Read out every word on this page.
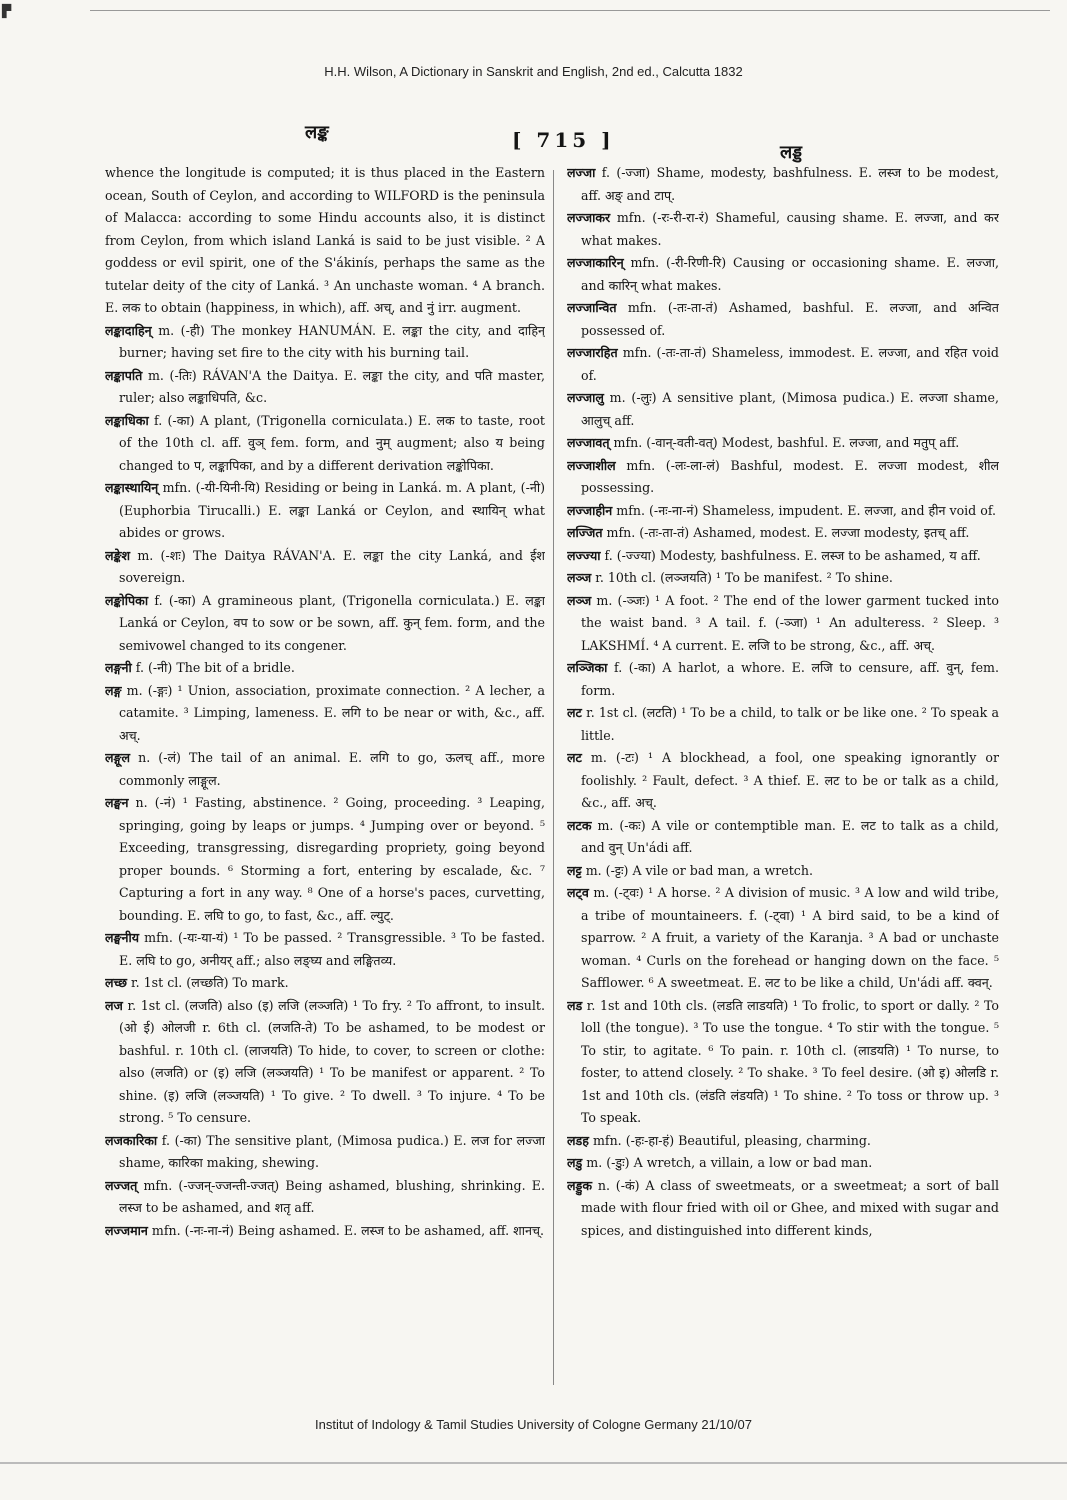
▛
H.H. Wilson, A Dictionary in Sanskrit and English, 2nd ed., Calcutta 1832
लङ्क	[ 715 ]
लड्ड

whence the longitude is computed; it is thus placed in the Eastern ocean, South of Ceylon, and according to WILFORD is the peninsula of Malacca: according to some Hindu accounts also, it is distinct from Ceylon, from which island Lanká is said to be just visible. ² A goddess or evil spirit, one of the S'ákinís, perhaps the same as the tutelar deity of the city of Lanká. ³ An unchaste woman. ⁴ A branch. E. लक to obtain (happiness, in which), aff. अच्, and नुं irr. augment.

लङ्कादाहिन् m. (-ही) The monkey HANUMÁN. E. लङ्का the city, and दाहिन् burner; having set fire to the city with his burning tail.

लङ्कापति m. (-तिः) RÁVAN'A the Daitya. E. लङ्का the city, and पति master, ruler; also लङ्काधिपति, &c.

लङ्काधिका f. (-का) A plant, (Trigonella corniculata.) E. लक to taste, root of the 10th cl. aff. वुञ् fem. form, and नुम् augment; also य being changed to प, लङ्कापिका, and by a different derivation लङ्कोपिका.

लङ्कास्थायिन् mfn. (-यी-यिनी-यि) Residing or being in Lanká. m. A plant, (-नी) (Euphorbia Tirucalli.) E. लङ्का Lanká or Ceylon, and स्थायिन् what abides or grows.

लङ्केश m. (-शः) The Daitya RÁVAN'A. E. लङ्का the city Lanká, and ईश sovereign.

लङ्कोपिका f. (-का) A gramineous plant, (Trigonella corniculata.) E. लङ्का Lanká or Ceylon, वप to sow or be sown, aff. कुन् fem. form, and the semivowel changed to its congener.

लङ्गनी f. (-नी) The bit of a bridle.

लङ्ग m. (-ङ्गः) ¹ Union, association, proximate connection. ² A lecher, a catamite. ³ Limping, lameness. E. लगि to be near or with, &c., aff. अच्.

लङ्गूल n. (-लं) The tail of an animal. E. लगि to go, ऊलच् aff., more commonly लाङ्गूल.

लङ्घन n. (-नं) ¹ Fasting, abstinence. ² Going, proceeding. ³ Leaping, springing, going by leaps or jumps. ⁴ Jumping over or beyond. ⁵ Exceeding, transgressing, disregarding propriety, going beyond proper bounds. ⁶ Storming a fort, entering by escalade, &c. ⁷ Capturing a fort in any way. ⁸ One of a horse's paces, curvetting, bounding. E. लघि to go, to fast, &c., aff. ल्युट्.

लङ्घनीय mfn. (-यः-या-यं) ¹ To be passed. ² Transgressible. ³ To be fasted. E. लघि to go, अनीयर् aff.; also लङ्घ्य and लङ्घितव्य.

लच्छ r. 1st cl. (लच्छति) To mark.

लज r. 1st cl. (लजति) also (इ) लजि (लञ्जति) ¹ To fry. ² To affront, to insult. (ओ ई) ओलजी r. 6th cl. (लजति-ते) To be ashamed, to be modest or bashful. r. 10th cl. (लाजयति) To hide, to cover, to screen or clothe: also (लजति) or (इ) लजि (लञ्जयति) ¹ To be manifest or apparent. ² To shine. (इ) लजि (लञ्जयति) ¹ To give. ² To dwell. ³ To injure. ⁴ To be strong. ⁵ To censure.

लजकारिका f. (-का) The sensitive plant, (Mimosa pudica.) E. लज for लज्जा shame, कारिका making, shewing.

लज्जत् mfn. (-ज्जन्-ज्जन्ती-ज्जत्) Being ashamed, blushing, shrinking. E. लस्ज to be ashamed, and शतृ aff.

लज्जमान mfn. (-नः-ना-नं) Being ashamed. E. लस्ज to be ashamed, aff. शानच्.

लज्जा f. (-ज्जा) Shame, modesty, bashfulness. E. लस्ज to be modest, aff. अङ् and टाप्.

लज्जाकर mfn. (-रः-री-रा-रं) Shameful, causing shame. E. लज्जा, and कर what makes.

लज्जाकारिन् mfn. (-री-रिणी-रि) Causing or occasioning shame. E. लज्जा, and कारिन् what makes.

लज्जान्वित mfn. (-तः-ता-तं) Ashamed, bashful. E. लज्जा, and अन्वित possessed of.

लज्जारहित mfn. (-तः-ता-तं) Shameless, immodest. E. लज्जा, and रहित void of.

लज्जालु m. (-लुः) A sensitive plant, (Mimosa pudica.) E. लज्जा shame, आलुच् aff.

लज्जावत् mfn. (-वान्-वती-वत्) Modest, bashful. E. लज्जा, and मतुप् aff.

लज्जाशील mfn. (-लः-ला-लं) Bashful, modest. E. लज्जा modest, शील possessing.

लज्जाहीन mfn. (-नः-ना-नं) Shameless, impudent. E. लज्जा, and हीन void of.

लज्जित mfn. (-तः-ता-तं) Ashamed, modest. E. लज्जा modesty, इतच् aff.

लज्ज्या f. (-ज्ज्या) Modesty, bashfulness. E. लस्ज to be ashamed, य aff.

लञ्ज r. 10th cl. (लञ्जयति) ¹ To be manifest. ² To shine.

लञ्ज m. (-ञ्जः) ¹ A foot. ² The end of the lower garment tucked into the waist band. ³ A tail. f. (-ञ्जा) ¹ An adulteress. ² Sleep. ³ LAKSHMÍ. ⁴ A current. E. लजि to be strong, &c., aff. अच्.

लञ्जिका f. (-का) A harlot, a whore. E. लजि to censure, aff. वुन्, fem. form.

लट r. 1st cl. (लटति) ¹ To be a child, to talk or be like one. ² To speak a little.

लट m. (-टः) ¹ A blockhead, a fool, one speaking ignorantly or foolishly. ² Fault, defect. ³ A thief. E. लट to be or talk as a child, &c., aff. अच्.

लटक m. (-कः) A vile or contemptible man. E. लट to talk as a child, and वुन् Un'ádi aff.

लट्ट m. (-ट्टः) A vile or bad man, a wretch.

लट्व m. (-ट्वः) ¹ A horse. ² A division of music. ³ A low and wild tribe, a tribe of mountaineers. f. (-ट्वा) ¹ A bird said, to be a kind of sparrow. ² A fruit, a variety of the Karanja. ³ A bad or unchaste woman. ⁴ Curls on the forehead or hanging down on the face. ⁵ Safflower. ⁶ A sweetmeat. E. लट to be like a child, Un'ádi aff. क्वन्.

लड r. 1st and 10th cls. (लडति लाडयति) ¹ To frolic, to sport or dally. ² To loll (the tongue). ³ To use the tongue. ⁴ To stir with the tongue. ⁵ To stir, to agitate. ⁶ To pain. r. 10th cl. (लाडयति) ¹ To nurse, to foster, to attend closely. ² To shake. ³ To feel desire. (ओ इ) ओलडि r. 1st and 10th cls. (लंडति लंडयति) ¹ To shine. ² To toss or throw up. ³ To speak.

लडह mfn. (-हः-हा-हं) Beautiful, pleasing, charming.

लडु m. (-डुः) A wretch, a villain, a low or bad man.

लड्डुक n. (-कं) A class of sweetmeats, or a sweetmeat; a sort of ball made with flour fried with oil or Ghee, and mixed with sugar and spices, and distinguished into different kinds,

Institut of Indology & Tamil Studies University of Cologne Germany 21/10/07
